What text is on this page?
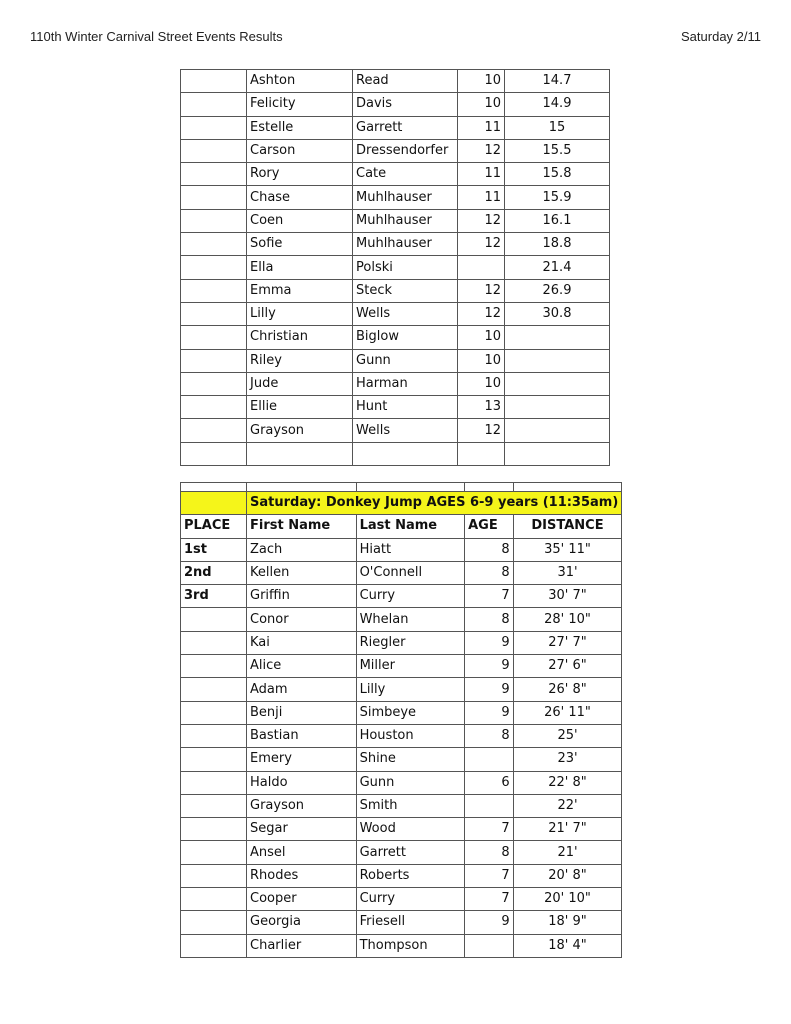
110th Winter Carnival Street Events Results	Saturday 2/11
	Ashton	Read	10	14.7
	Felicity	Davis	10	14.9
	Estelle	Garrett	11	15
	Carson	Dressendorfer	12	15.5
	Rory	Cate	11	15.8
	Chase	Muhlhauser	11	15.9
	Coen	Muhlhauser	12	16.1
	Sofie	Muhlhauser	12	18.8
	Ella	Polski		21.4
	Emma	Steck	12	26.9
	Lilly	Wells	12	30.8
	Christian	Biglow	10	
	Riley	Gunn	10	
	Jude	Harman	10	
	Ellie	Hunt	13	
	Grayson	Wells	12	

	Saturday: Donkey Jump AGES 6-9 years (11:35am)			
PLACE	First Name	Last Name	AGE	DISTANCE
1st	Zach	Hiatt	8	35' 11"
2nd	Kellen	O'Connell	8	31'
3rd	Griffin	Curry	7	30' 7"
	Conor	Whelan	8	28' 10"
	Kai	Riegler	9	27' 7"
	Alice	Miller	9	27' 6"
	Adam	Lilly	9	26' 8"
	Benji	Simbeye	9	26' 11"
	Bastian	Houston	8	25'
	Emery	Shine		23'
	Haldo	Gunn	6	22' 8"
	Grayson	Smith		22'
	Segar	Wood	7	21' 7"
	Ansel	Garrett	8	21'
	Rhodes	Roberts	7	20' 8"
	Cooper	Curry	7	20' 10"
	Georgia	Friesell	9	18' 9"
	Charlier	Thompson		18' 4"
